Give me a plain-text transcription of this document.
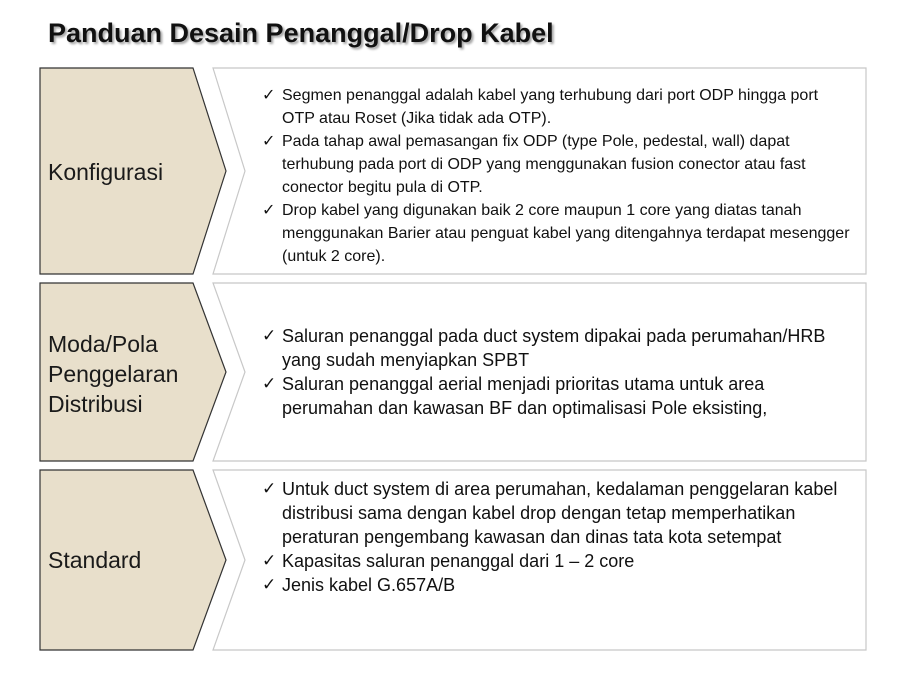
Panduan Desain Penanggal/Drop Kabel
Konfigurasi
✓ Segmen penanggal adalah kabel yang terhubung dari port ODP hingga port OTP atau Roset (Jika tidak ada OTP).
✓ Pada tahap awal pemasangan fix ODP (type Pole, pedestal, wall) dapat terhubung pada port di ODP yang menggunakan fusion conector atau fast conector begitu pula di OTP.
✓ Drop kabel yang digunakan baik 2 core maupun 1 core yang diatas tanah menggunakan Barier atau penguat kabel yang ditengahnya terdapat mesengger (untuk 2 core).
Moda/Pola
Penggelaran
Distribusi
✓ Saluran penanggal pada duct system dipakai pada perumahan/HRB yang sudah menyiapkan SPBT
✓ Saluran penanggal aerial menjadi prioritas utama untuk area perumahan dan kawasan BF dan optimalisasi Pole eksisting,
Standard
✓ Untuk duct system di area perumahan, kedalaman penggelaran kabel distribusi sama dengan kabel drop dengan tetap memperhatikan peraturan pengembang kawasan dan dinas tata kota setempat
✓ Kapasitas saluran penanggal dari 1 – 2 core
✓ Jenis kabel G.657A/B
